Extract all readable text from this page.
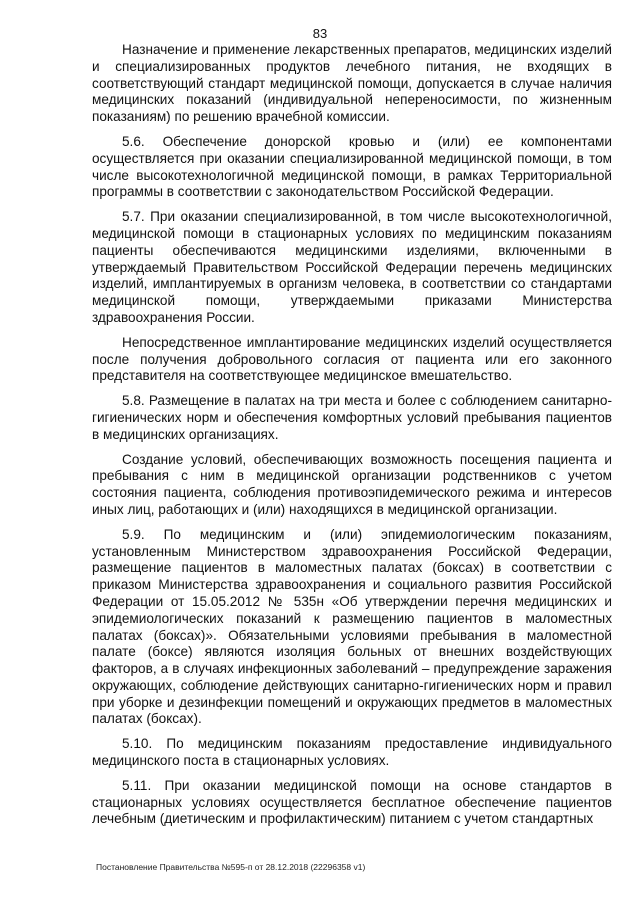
83

Назначение и применение лекарственных препаратов, медицинских изделий и специализированных продуктов лечебного питания, не входящих в соответствующий стандарт медицинской помощи, допускается в случае наличия медицинских показаний (индивидуальной непереносимости, по жизненным показаниям) по решению врачебной комиссии.

5.6. Обеспечение донорской кровью и (или) ее компонентами осуществляется при оказании специализированной медицинской помощи, в том числе высокотехнологичной медицинской помощи, в рамках Территориальной программы в соответствии с законодательством Российской Федерации.

5.7. При оказании специализированной, в том числе высокотехнологичной, медицинской помощи в стационарных условиях по медицинским показаниям пациенты обеспечиваются медицинскими изделиями, включенными в утверждаемый Правительством Российской Федерации перечень медицинских изделий, имплантируемых в организм человека, в соответствии со стандартами медицинской помощи, утверждаемыми приказами Министерства здравоохранения России.

Непосредственное имплантирование медицинских изделий осуществляется после получения добровольного согласия от пациента или его законного представителя на соответствующее медицинское вмешательство.

5.8. Размещение в палатах на три места и более с соблюдением санитарно-гигиенических норм и обеспечения комфортных условий пребывания пациентов в медицинских организациях.

Создание условий, обеспечивающих возможность посещения пациента и пребывания с ним в медицинской организации родственников с учетом состояния пациента, соблюдения противоэпидемического режима и интересов иных лиц, работающих и (или) находящихся в медицинской организации.

5.9. По медицинским и (или) эпидемиологическим показаниям, установленным Министерством здравоохранения Российской Федерации, размещение пациентов в маломестных палатах (боксах) в соответствии с приказом Министерства здравоохранения и социального развития Российской Федерации от 15.05.2012 № 535н «Об утверждении перечня медицинских и эпидемиологических показаний к размещению пациентов в маломестных палатах (боксах)». Обязательными условиями пребывания в маломестной палате (боксе) являются изоляция больных от внешних воздействующих факторов, а в случаях инфекционных заболеваний – предупреждение заражения окружающих, соблюдение действующих санитарно-гигиенических норм и правил при уборке и дезинфекции помещений и окружающих предметов в маломестных палатах (боксах).

5.10. По медицинским показаниям предоставление индивидуального медицинского поста в стационарных условиях.

5.11. При оказании медицинской помощи на основе стандартов в стационарных условиях осуществляется бесплатное обеспечение пациентов лечебным (диетическим и профилактическим) питанием с учетом стандартных

Постановление Правительства №595-п от 28.12.2018 (22296358 v1)
